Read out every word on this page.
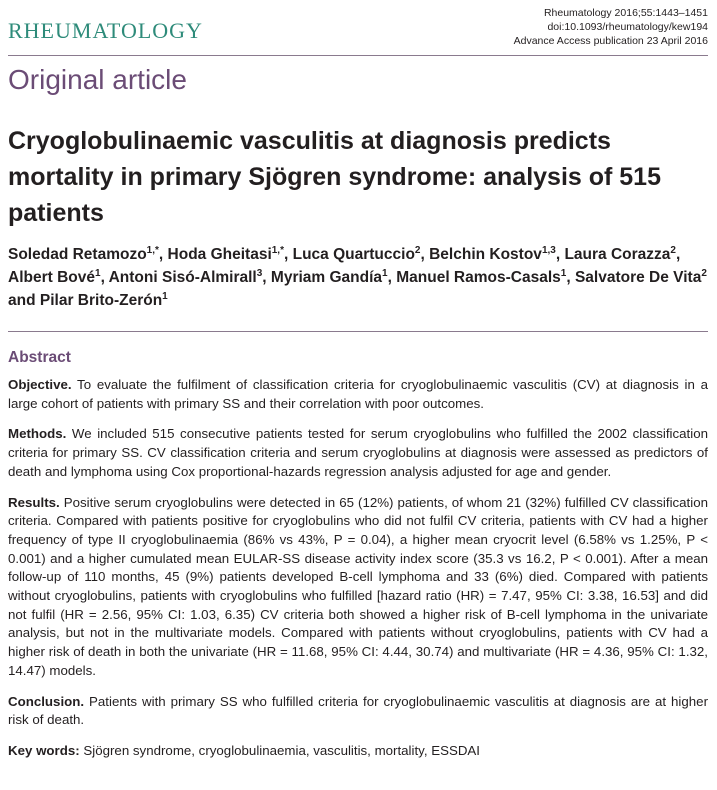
RHEUMATOLOGY
Rheumatology 2016;55:1443–1451
doi:10.1093/rheumatology/kew194
Advance Access publication 23 April 2016
Original article
Cryoglobulinaemic vasculitis at diagnosis predicts mortality in primary Sjögren syndrome: analysis of 515 patients
Soledad Retamozo$^{1,*}$, Hoda Gheitasi$^{1,*}$, Luca Quartuccio$^2$, Belchin Kostov$^{1,3}$, Laura Corazza$^2$, Albert Bové$^1$, Antoni Sisó-Almirall$^3$, Myriam Gandía$^1$, Manuel Ramos-Casals$^1$, Salvatore De Vita$^2$ and Pilar Brito-Zerón$^1$
Abstract

Objective. To evaluate the fulfilment of classification criteria for cryoglobulinaemic vasculitis (CV) at diagnosis in a large cohort of patients with primary SS and their correlation with poor outcomes.

Methods. We included 515 consecutive patients tested for serum cryoglobulins who fulfilled the 2002 classification criteria for primary SS. CV classification criteria and serum cryoglobulins at diagnosis were assessed as predictors of death and lymphoma using Cox proportional-hazards regression analysis adjusted for age and gender.

Results. Positive serum cryoglobulins were detected in 65 (12%) patients, of whom 21 (32%) fulfilled CV classification criteria. Compared with patients positive for cryoglobulins who did not fulfil CV criteria, patients with CV had a higher frequency of type II cryoglobulinaemia (86% vs 43%, P = 0.04), a higher mean cryocrit level (6.58% vs 1.25%, P < 0.001) and a higher cumulated mean EULAR-SS disease activity index score (35.3 vs 16.2, P < 0.001). After a mean follow-up of 110 months, 45 (9%) patients developed B-cell lymphoma and 33 (6%) died. Compared with patients without cryoglobulins, patients with cryoglobulins who fulfilled [hazard ratio (HR) = 7.47, 95% CI: 3.38, 16.53] and did not fulfil (HR = 2.56, 95% CI: 1.03, 6.35) CV criteria both showed a higher risk of B-cell lymphoma in the univariate analysis, but not in the multivariate models. Compared with patients without cryoglobulins, patients with CV had a higher risk of death in both the univariate (HR = 11.68, 95% CI: 4.44, 30.74) and multivariate (HR = 4.36, 95% CI: 1.32, 14.47) models.

Conclusion. Patients with primary SS who fulfilled criteria for cryoglobulinaemic vasculitis at diagnosis are at higher risk of death.

Key words: Sjögren syndrome, cryoglobulinaemia, vasculitis, mortality, ESSDAI
